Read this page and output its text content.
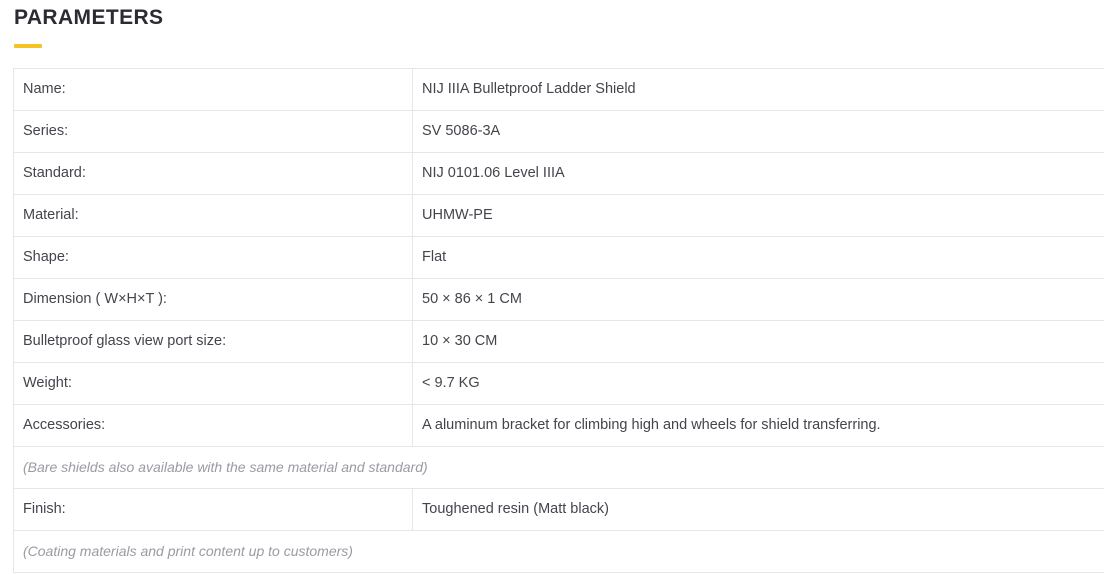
PARAMETERS
Name:	NIJ IIIA Bulletproof Ladder Shield
Series:	SV 5086-3A
Standard:	NIJ 0101.06 Level IIIA
Material:	UHMW-PE
Shape:	Flat
Dimension ( W×H×T ):	50 × 86 × 1 CM
Bulletproof glass view port size:	10 × 30 CM
Weight:	< 9.7 KG
Accessories:	A aluminum bracket for climbing high and wheels for shield transferring.
(Bare shields also available with the same material and standard)	
Finish:	Toughened resin (Matt black)
(Coating materials and print content up to customers)	
